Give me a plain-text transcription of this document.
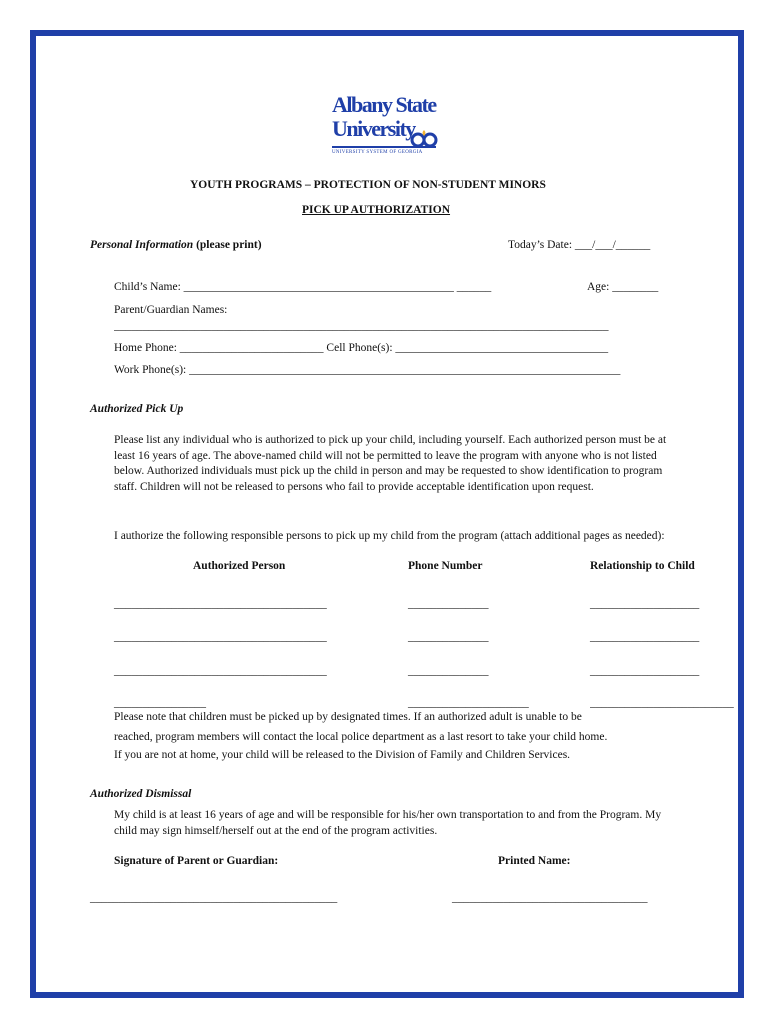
Albany State
University
UNIVERSITY SYSTEM OF GEORGIA
YOUTH PROGRAMS – PROTECTION OF NON-STUDENT MINORS
PICK UP AUTHORIZATION
Personal Information (please print)	Today’s Date: ___/___/______
Child’s Name: _______________________________________________ ______	Age: ________
Parent/Guardian Names:
______________________________________________________________________________________
Home Phone: _________________________ Cell Phone(s): _____________________________________
Work Phone(s): ___________________________________________________________________________
Authorized Pick Up
Please list any individual who is authorized to pick up your child, including yourself. Each authorized person must be at least 16 years of age. The above-named child will not be permitted to leave the program with anyone who is not listed below. Authorized individuals must pick up the child in person and may be requested to show identification to program staff. Children will not be released to persons who fail to provide acceptable identification upon request.
I authorize the following responsible persons to pick up my child from the program (attach additional pages as needed):
Authorized Person	Phone Number	Relationship to Child
_____________________________________	______________	___________________
_____________________________________	______________	___________________
_____________________________________	______________	___________________
________________	_____________________	_________________________
Please note that children must be picked up by designated times. If an authorized adult is unable to be
reached, program members will contact the local police department as a last resort to take your child home.
If you are not at home, your child will be released to the Division of Family and Children Services.
Authorized Dismissal
My child is at least 16 years of age and will be responsible for his/her own transportation to and from the Program. My child may sign himself/herself out at the end of the program activities.
Signature of Parent or Guardian:	Printed Name:
___________________________________________	__________________________________
